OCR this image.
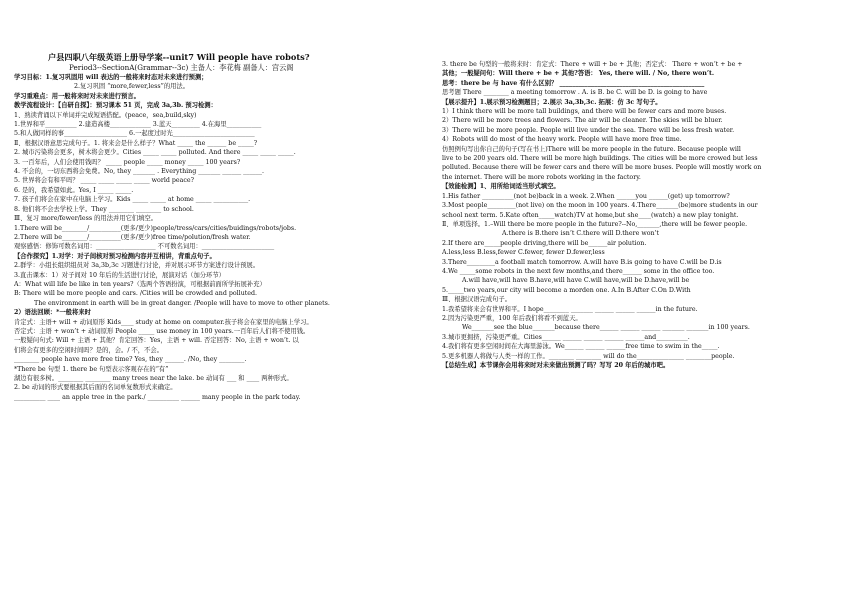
户县四职八年级英语上册导学案--unit7 Will people have robots?
Period3--SectionA(Grammar--3c) 主备人：李花梅 副备人：宫云阁
学习目标：1.复习巩固用 will 表达的一般将来时态对未来进行预测；
2.复习巩固 “more,fewer,less”的用法。
学习重难点：用一般将来时对未来进行预言。
教学流程设计：【自研自探】：预习课本 51 页，完成 3a,3b. 预习检测：
1、熟读背诵以下单词并完成短语搭配。(peace，sea,build,sky)
1.世界和平__________ 2.建造高楼_____________ 3.蓝天_________ 4.在海里___________
5.和人做同样的事____________________ 6.一起度过时光__________________________
Ⅱ、根据汉语意思完成句子。1. 将来会是什么样子？What _____ the ______ be _____?
2. 城市污染将会更多，树木将会更少。Cities _____ _____ polluted. And there _____ _____ _____.
3. 一百年后，人们会使用钱吗？ _____ people _____ money _____ 100 years?
4. 不会的，一切东西将会免费。No, they _______ . Everything _______ ______ ______.
5. 世界将会有和平吗？ _____ _____ _____ _____ world peace?
6. 是的，我希望如此。Yes, I _____ _____.
7. 孩子们将会在家中在电脑上学习。Kids _____ _____ at home _____ ___________.
8. 他们将不会去学校上学。They ________ ________ to school.
Ⅲ、复习 more/fewer/less 的用法并用它们填空。
1.There will be________/__________(更多/更少)people/tress/cars/cities/buidings/robots/jobs.
2.There will be________/__________(更多/更少)free time/polution/fresh water.
观察感悟：修饰可数名词用：___________________ 不可数名词用：_______________________
【合作探究】1.对学：对子间核对预习检测内容并互相讲，背重点句子。
2.群学：小组长组织组员对 3a,3b,3c 习题进行讨论，并对展示环节方案进行设计预展。
3.直击课本：1）对子间对 10 年后的生活进行讨论，展演对话（加分环节）
A：What will life be like in ten years?（选两个答语扮演，可根据前面所学拓展补充）
B: There will be more people and cars. /Cities will be crowded and polluted.
The environment in earth will be in great danger. /People will have to move to other planets.
2）语法回顾：*一般将来时
肯定式：主语+ will + 动词原形 Kids____ study at home on computer.孩子将会在家里的电脑上学习。
否定式：主语 + won’t + 动词原形 People _____ use money in 100 years.一百年后人们将不使用钱。
一般疑问句式: Will + 主语 + 其他？肯定回答：Yes，主语 + will. 否定回答：No, 主语 + won’t. 以
们将会有更多的空闲时间吗？是的，会。/ 不，不会。
________ people have more free time? Yes, they ______. /No, they ________.
*There be 句型 1. there be 句型表示客观存在的“有”
湖边有很多树。________ ________ many trees near the lake. be 动词有 ___ 和 ____ 两种形式。
2. be 动词的形式要根据其后面的名词单复数形式来确定。
__________ ____ an apple tree in the park./ __________ ______ many people in the park today.
3. there be 句型的一般将来时：肯定式：There + will + be + 其他；否定式： There + won’t + be +
其他；一般疑问句：Will there + be + 其他?答语： Yes, there will. / No, there won’t.
思考：there be 与 have 有什么区别？ ______________________________________________
思考题 There ________ a meeting tomorrow . A. is B. be C. will be D. is going to have
【展示提升】1.展示预习检测题目；2.展示 3a,3b,3c. 拓展：仿 3c 写句子。
1）I think there will be more tall buildings, and there will be fewer cars and more buses.
2）There will be more trees and flowers. The air will be cleaner. The skies will be bluer.
3）There will be more people. People will live under the sea. There will be less fresh water.
4）Robots will do most of the heavy work. People will have more free time.
仿照例句写出你自己的句子(写在书上)There will be more people in the future. Because people will
live to be 200 years old. There will be more high buildings. The cities will be more crowed but less
polluted. Because there will be fewer cars and there will be more buses. People will mostly work on
the internet. There will be more robots working in the factory.
【效能检测】1、用所给词适当形式填空。
1.His father __________(not be)back in a week. 2.When ______you ______(get) up tomorrow?
3.Most people_________(not live) on the moon in 100 years. 4.There_______(be)more students in our
school next term. 5.Kate often_____watch)TV at home,but she____(watch) a new play tonight.
Ⅱ、单项选择。1.–Will there be more people in the future?--No,_______,there will be fewer people.
A.there is B.there isn’t C.there will D.there won’t
2.If there are_____people driving,there will be______air polution.
A.less,less B.less,fewer C.fewer, fewer D.fewer,less
3.There_________a football match tomorrow. A.will have B.is going to have C.will be D.is
4.We _____some robots in the next few months,and there______ some in the office too.
A.will have,will have B.have,will have C.will have,will be D.have,will be
5._____two years,our city will become a morden one. A.In B.After C.On D.With
Ⅲ、根据汉语完成句子。
1.我希望将来会有世界和平。I hope________ _______ ______ ______ ______in the future.
2.因为污染更严重，100 年后我们将看不到蓝天。
We_______see the blue_______because there______ ______ ______ _______ _______in 100 years.
3.城市更拥挤，污染更严重。Cities______ ______ ______ ______ ______and__________.
4.我们将有更多空闲时间在大海里游泳。We______ ______ ______free time to swim in the_____.
5.更多机器人将做与人类一样的工作。________ ________ will do the_______________ ________people.
【总结生成】本节课你会用将来时对未来做出预测了吗？写写 20 年后的城市吧。
